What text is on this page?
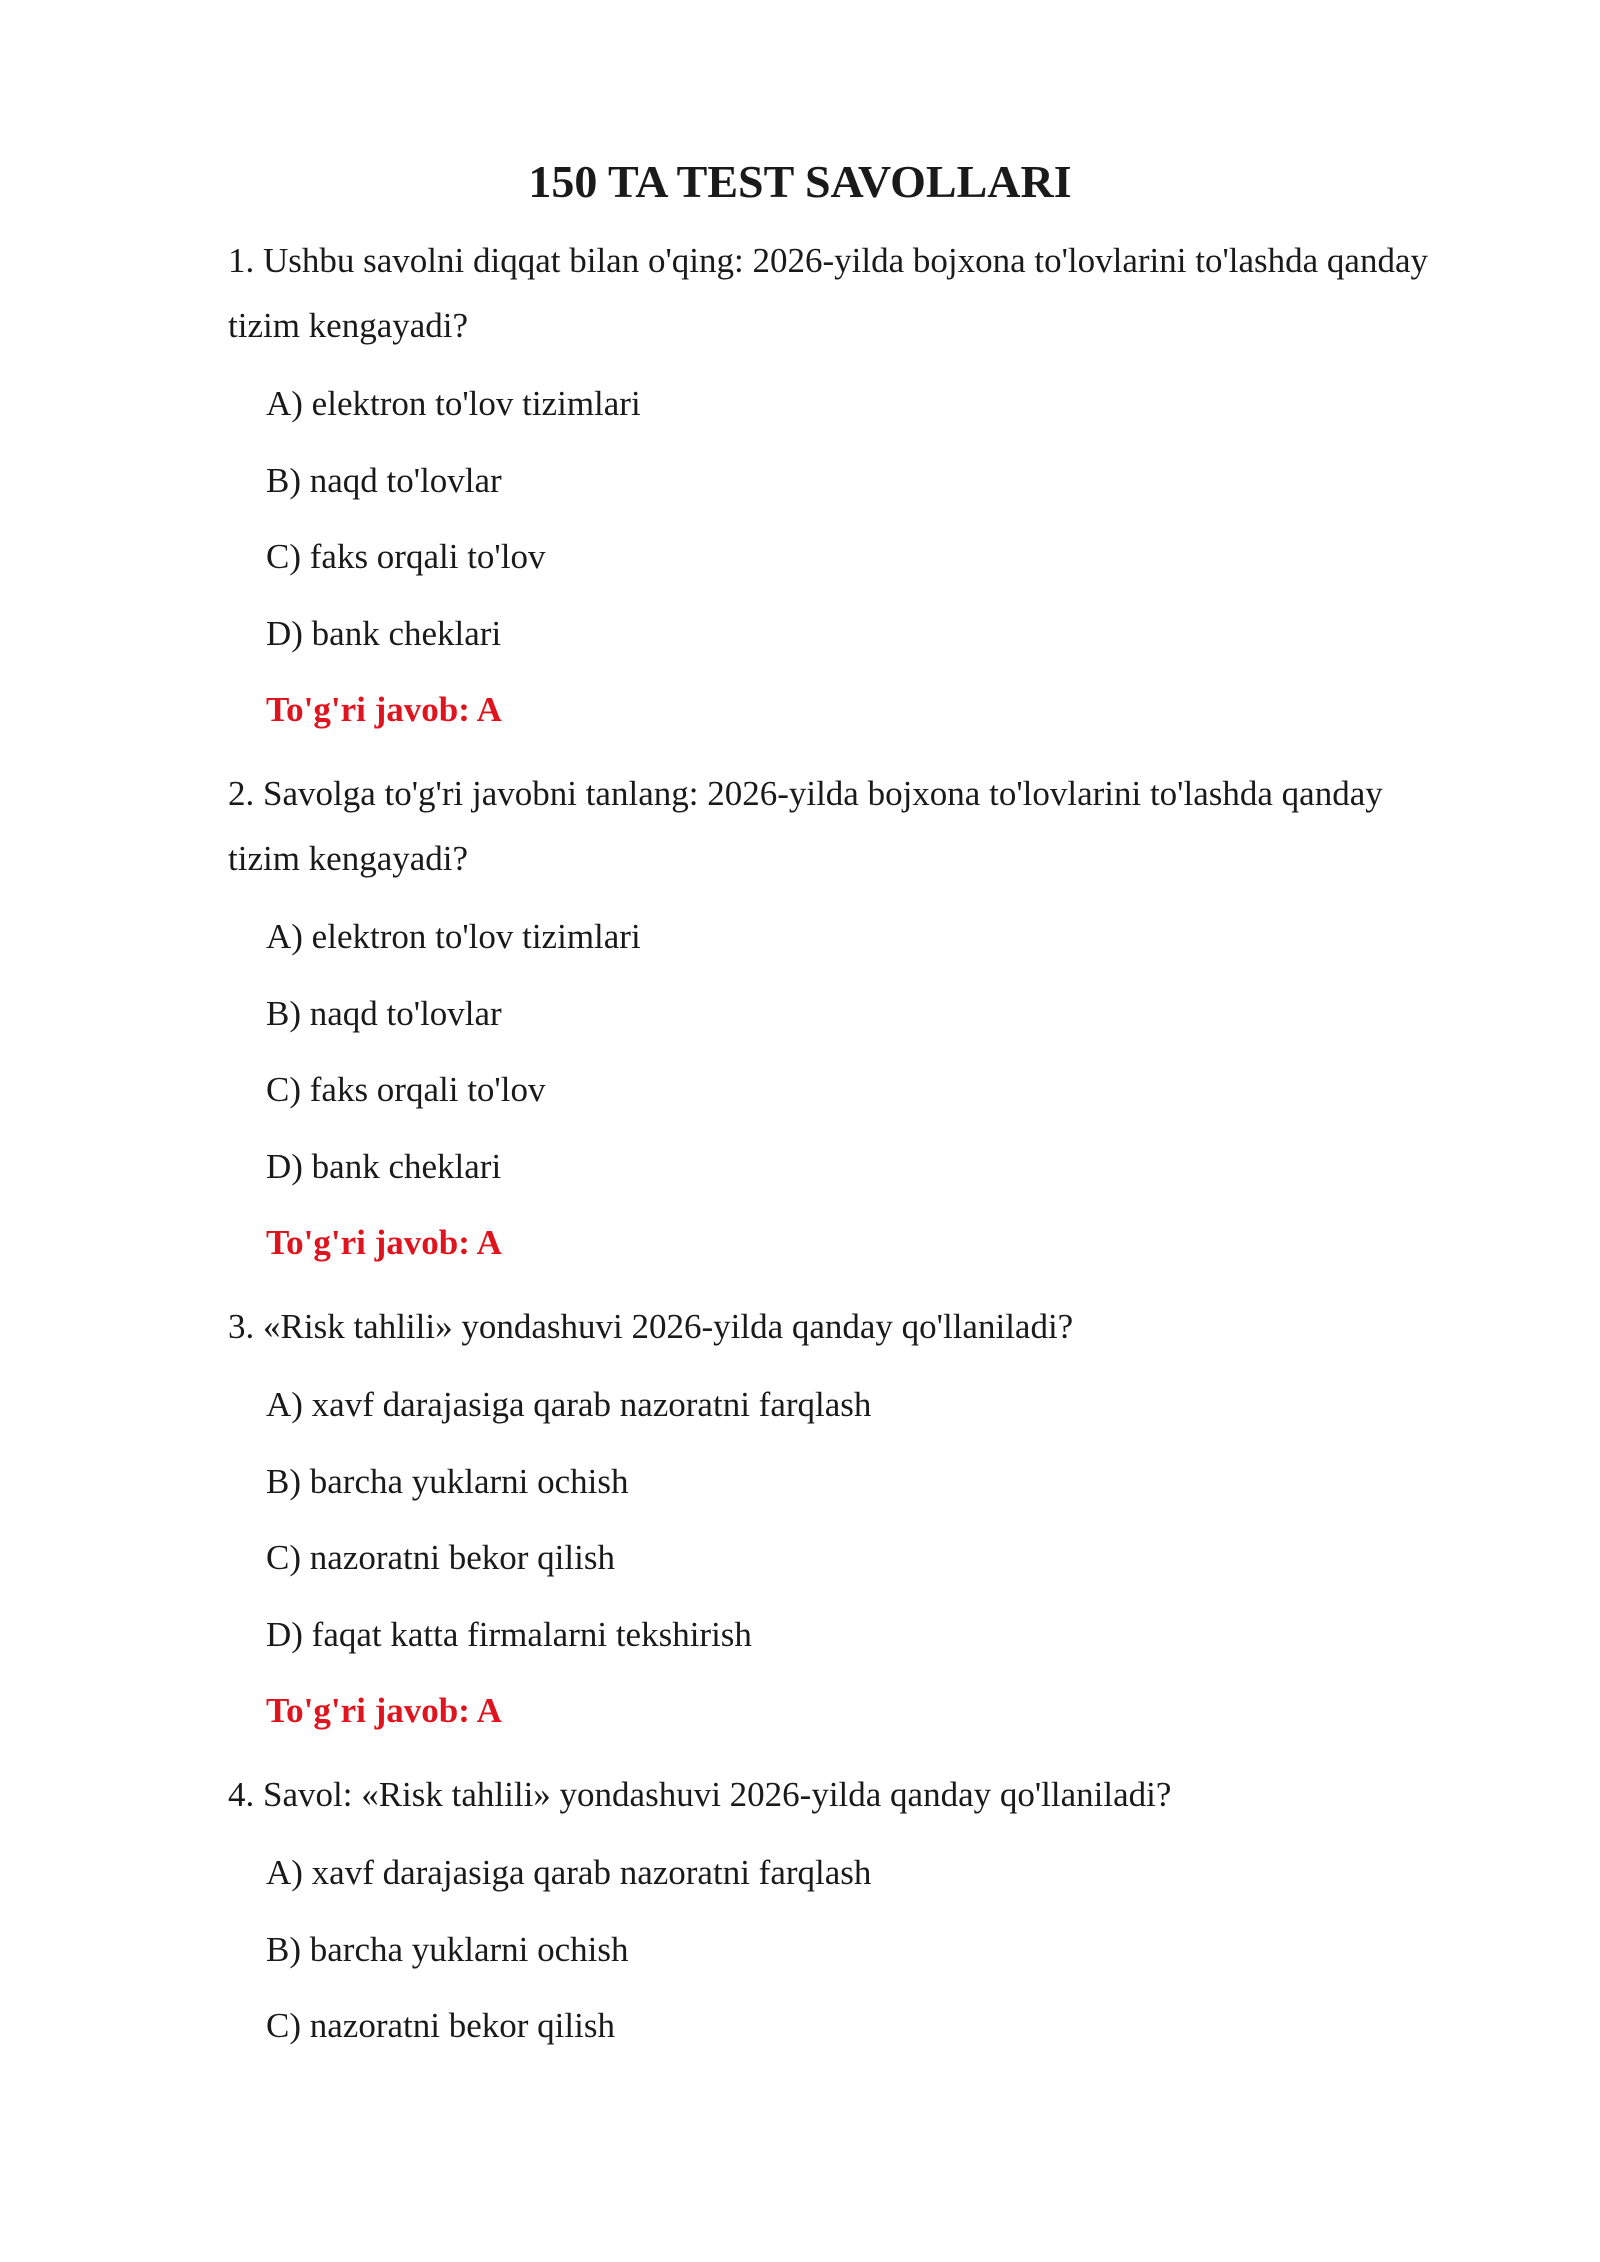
150 TA TEST SAVOLLARI

1. Ushbu savolni diqqat bilan o'qing: 2026-yilda bojxona to'lovlarini to'lashda qanday tizim kengayadi?

A) elektron to'lov tizimlari
B) naqd to'lovlar
C) faks orqali to'lov
D) bank cheklari

To'g'ri javob: A

2. Savolga to'g'ri javobni tanlang: 2026-yilda bojxona to'lovlarini to'lashda qanday tizim kengayadi?

A) elektron to'lov tizimlari
B) naqd to'lovlar
C) faks orqali to'lov
D) bank cheklari

To'g'ri javob: A

3. «Risk tahlili» yondashuvi 2026-yilda qanday qo'llaniladi?

A) xavf darajasiga qarab nazoratni farqlash
B) barcha yuklarni ochish
C) nazoratni bekor qilish
D) faqat katta firmalarni tekshirish

To'g'ri javob: A

4. Savol: «Risk tahlili» yondashuvi 2026-yilda qanday qo'llaniladi?

A) xavf darajasiga qarab nazoratni farqlash
B) barcha yuklarni ochish
C) nazoratni bekor qilish
